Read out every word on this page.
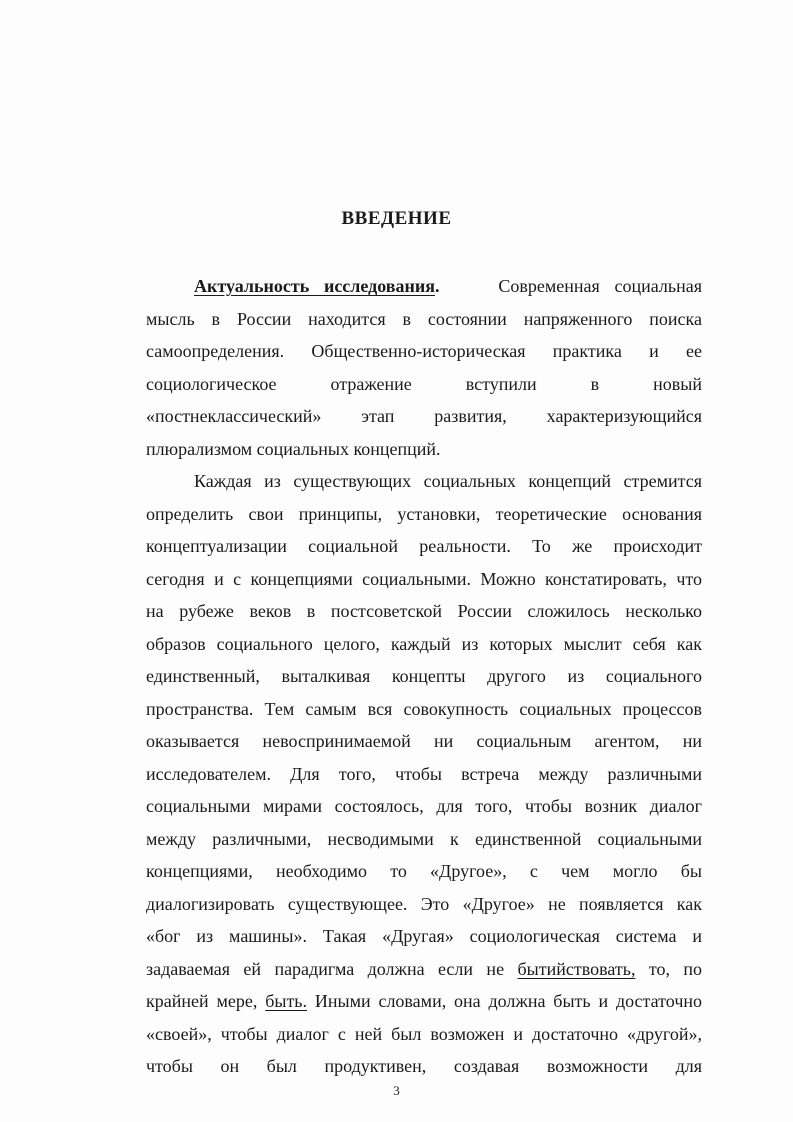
ВВЕДЕНИЕ
Актуальность исследования.	Современная социальная
мысль в России находится в состоянии напряженного поиска
самоопределения. Общественно-историческая практика и ее
социологическое отражение вступили в новый
«постнеклассический» этап развития, характеризующийся
плюрализмом социальных концепций.
Каждая из существующих социальных концепций стремится
определить свои принципы, установки, теоретические основания
концептуализации социальной реальности. То же происходит
сегодня и с концепциями социальными. Можно констатировать, что
на рубеже веков в постсоветской России сложилось несколько
образов социального целого, каждый из которых мыслит себя как
единственный, выталкивая концепты другого из социального
пространства. Тем самым вся совокупность социальных процессов
оказывается невоспринимаемой ни социальным агентом, ни
исследователем. Для того, чтобы встреча между различными
социальными мирами состоялось, для того, чтобы возник диалог
между различными, несводимыми к единственной социальными
концепциями, необходимо то «Другое», с чем могло бы
диалогизировать существующее. Это «Другое» не появляется как
«бог из машины». Такая «Другая» социологическая система и
задаваемая ей парадигма должна если не бытийствовать, то, по
крайней мере, быть. Иными словами, она должна быть и достаточно
«своей», чтобы диалог с ней был возможен и достаточно «другой»,
чтобы он был продуктивен, создавая возможности для
3
